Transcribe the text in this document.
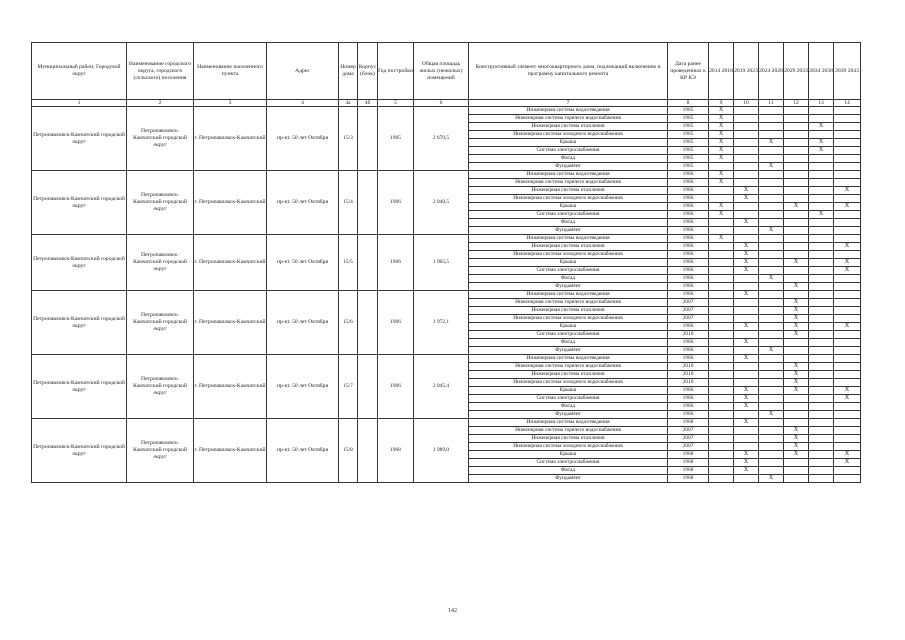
Муниципальный район, Городской округ	Наименование городского округа, городского (сельского) поселения	Наименование населенного пункта	Адрес	Номер дома	Корпус (блок)	Год постройки	Общая площадь жилых (нежилых) помещений	Конструктивный элемент многоквартирного дома, подлежащий включению в программу капитального ремонта	Дата ранее проведенных к КР КЭ	2014 2018	2019 2023	2024 2028	2029 2033	2034 2038	2039 2043
1	2	3	4	4а	4б	5	6	7	8	9	10	11	12	13	14
Петропавловск-Камчатский городской округ	Петропавловск-Камчатский городской округ	г. Петропавловск-Камчатский	пр-кт. 50 лет Октября	15/3		1965	2 670,5	Инженерная система водоотведения	1965	X					
								Инженерная система горячего водоснабжения	1965	X					
								Инженерная система отопления	1965	X				X	
								Инженерная система холодного водоснабжения	1965	X					
								Крыша	1965	X		X		X	
								Система электроснабжения	1965	X				X	
								Фасад	1965	X					
								Фундамент	1965			X			
Петропавловск-Камчатский городской округ	Петропавловск-Камчатский городской округ	г. Петропавловск-Камчатский	пр-кт. 50 лет Октября	15/4		1966	2 040,5	Инженерная система водоотведения	1966	X					
								Инженерная система горячего водоснабжения	1966	X					
								Инженерная система отопления	1966		X				X
								Инженерная система холодного водоснабжения	1966		X				
								Крыша	1966	X			X		X
								Система электроснабжения	1966	X				X	
								Фасад	1966		X				
								Фундамент	1966			X			
Петропавловск-Камчатский городской округ	Петропавловск-Камчатский городской округ	г. Петропавловск-Камчатский	пр-кт. 50 лет Октября	15/5		1966	1 965,5	Инженерная система водоотведения	1966	X					
								Инженерная система отопления	1966		X				X
								Инженерная система холодного водоснабжения	1966		X				
								Крыша	1966		X		X		X
								Система электроснабжения	1966		X				X
								Фасад	1966			X			
								Фундамент	1966				X		
Петропавловск-Камчатский городской округ	Петропавловск-Камчатский городской округ	г. Петропавловск-Камчатский	пр-кт. 50 лет Октября	15/6		1966	1 972,1	Инженерная система водоотведения	1966		X				
								Инженерная система горячего водоснабжения	2007				X		
								Инженерная система отопления	2007				X		
								Инженерная система холодного водоснабжения	2007				X		
								Крыша	1966		X		X		X
								Система электроснабжения	2010				X		
								Фасад	1966		X				
								Фундамент	1966			X			
Петропавловск-Камчатский городской округ	Петропавловск-Камчатский городской округ	г. Петропавловск-Камчатский	пр-кт. 50 лет Октября	15/7		1966	2 045,4	Инженерная система водоотведения	1966		X				
								Инженерная система горячего водоснабжения	2010				X		
								Инженерная система отопления	2010				X		
								Инженерная система холодного водоснабжения	2010				X		
								Крыша	1966		X		X		X
								Система электроснабжения	1966		X				X
								Фасад	1966		X				
								Фундамент	1966			X			
Петропавловск-Камчатский городской округ	Петропавловск-Камчатский городской округ	г. Петропавловск-Камчатский	пр-кт. 50 лет Октября	15/8		1968	1 989,0	Инженерная система водоотведения	1968		X				
								Инженерная система горячего водоснабжения	2007				X		
								Инженерная система отопления	2007				X		
								Инженерная система холодного водоснабжения	2007				X		
								Крыша	1968		X		X		X
								Система электроснабжения	1968		X				X
								Фасад	1968		X				
								Фундамент	1968			X			
142
